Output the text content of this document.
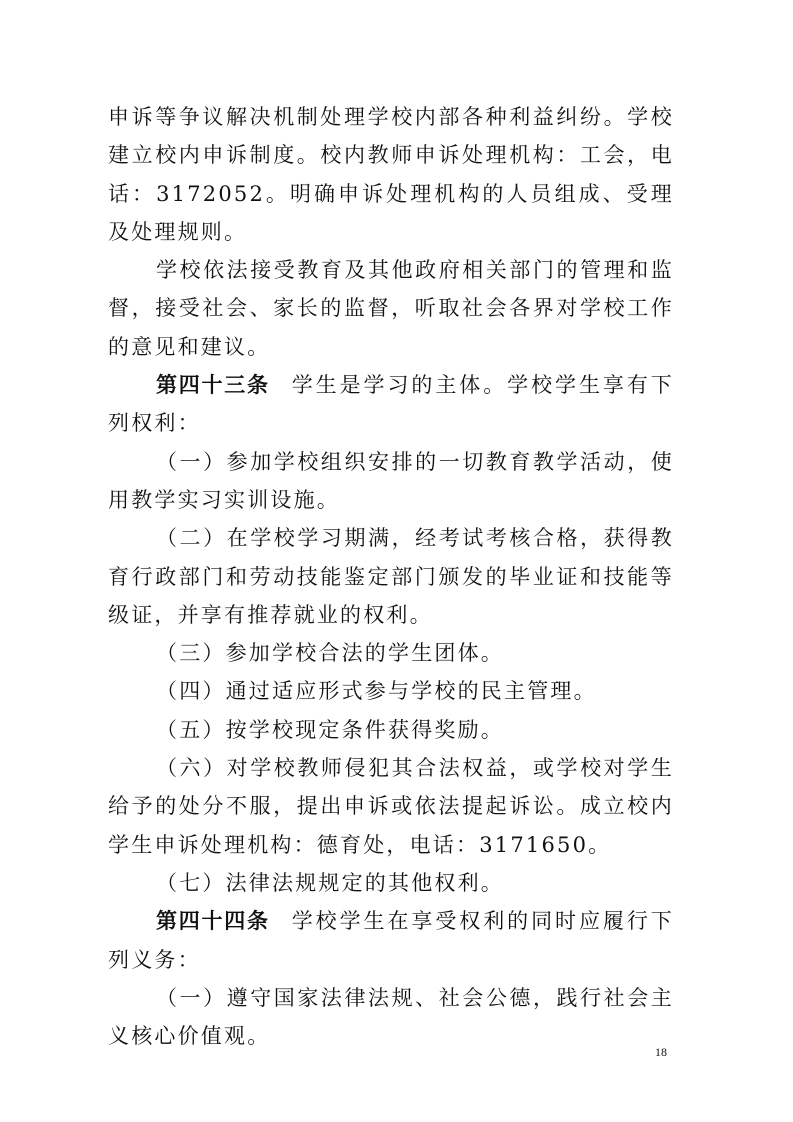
申诉等争议解决机制处理学校内部各种利益纠纷。学校建立校内申诉制度。校内教师申诉处理机构：工会，电话：3172052。明确申诉处理机构的人员组成、受理及处理规则。

学校依法接受教育及其他政府相关部门的管理和监督，接受社会、家长的监督，听取社会各界对学校工作的意见和建议。

第四十三条 学生是学习的主体。学校学生享有下列权利：

（一）参加学校组织安排的一切教育教学活动，使用教学实习实训设施。

（二）在学校学习期满，经考试考核合格，获得教育行政部门和劳动技能鉴定部门颁发的毕业证和技能等级证，并享有推荐就业的权利。

（三）参加学校合法的学生团体。

（四）通过适应形式参与学校的民主管理。

（五）按学校现定条件获得奖励。

（六）对学校教师侵犯其合法权益，或学校对学生给予的处分不服，提出申诉或依法提起诉讼。成立校内学生申诉处理机构：德育处，电话：3171650。

（七）法律法规规定的其他权利。

第四十四条 学校学生在享受权利的同时应履行下列义务：

（一）遵守国家法律法规、社会公德，践行社会主义核心价值观。

18
